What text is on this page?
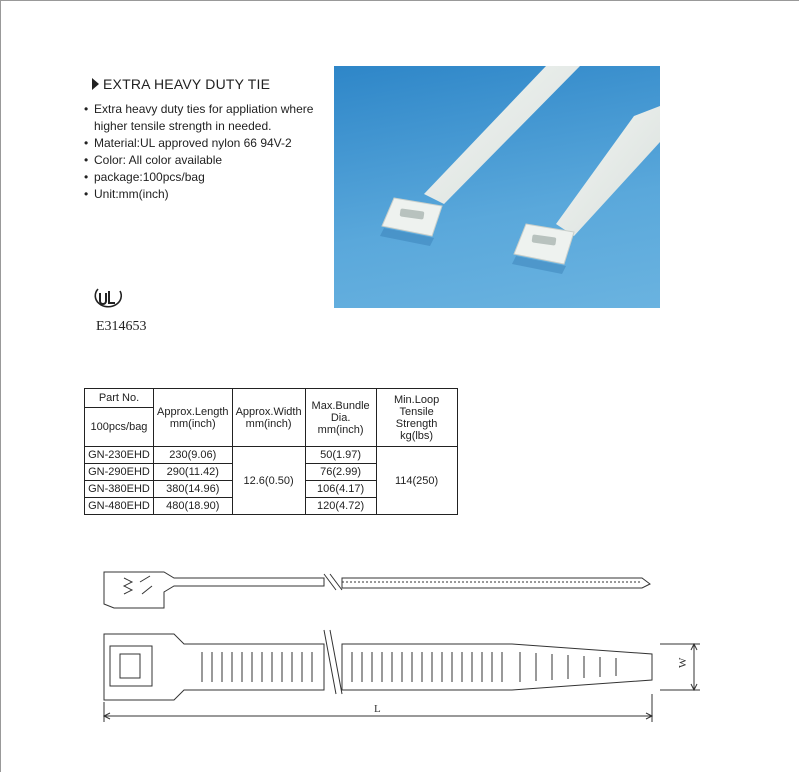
EXTRA HEAVY DUTY TIE
• Extra heavy duty ties for appliation where higher tensile strength in needed.
• Material:UL approved nylon 66 94V-2
• Color: All color available
• package:100pcs/bag
• Unit:mm(inch)
E314653
Part No.	Approx.Length mm(inch)	Approx.Width mm(inch)	Max.Bundle Dia. mm(inch)	Min.Loop Tensile Strength kg(lbs)
100pcs/bag				
GN-230EHD	230(9.06)	12.6(0.50)	50(1.97)	114(250)
GN-290EHD	290(11.42)		76(2.99)	
GN-380EHD	380(14.96)		106(4.17)	
GN-480EHD	480(18.90)		120(4.72)	
L
W
